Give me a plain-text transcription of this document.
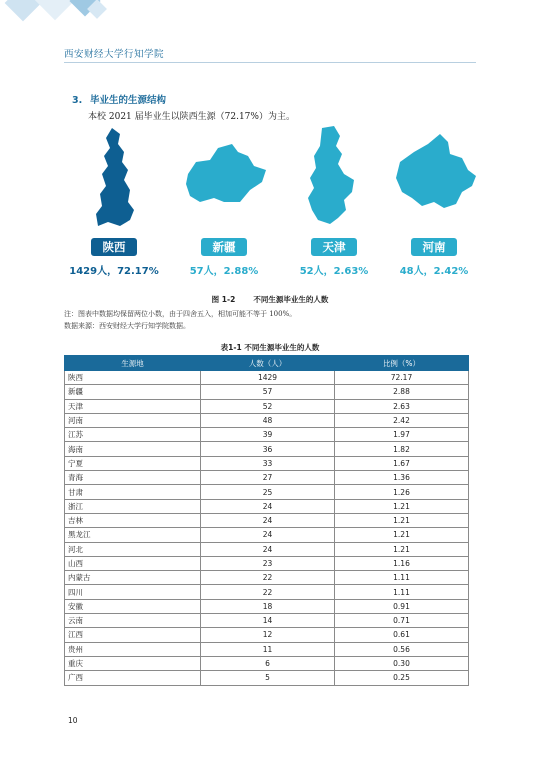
西安财经大学行知学院
3. 毕业生的生源结构
本校 2021 届毕业生以陕西生源（72.17%）为主。
陕西
1429人，72.17%
新疆
57人，2.88%
天津
52人，2.63%
河南
48人，2.42%
图 1-2 不同生源毕业生的人数
注：图表中数据均保留两位小数，由于四舍五入，相加可能不等于 100%。
数据来源：西安财经大学行知学院数据。
表1-1 不同生源毕业生的人数
生源地	人数（人）	比例（%）
陕西	1429	72.17
新疆	57	2.88
天津	52	2.63
河南	48	2.42
江苏	39	1.97
海南	36	1.82
宁夏	33	1.67
青海	27	1.36
甘肃	25	1.26
浙江	24	1.21
吉林	24	1.21
黑龙江	24	1.21
河北	24	1.21
山西	23	1.16
内蒙古	22	1.11
四川	22	1.11
安徽	18	0.91
云南	14	0.71
江西	12	0.61
贵州	11	0.56
重庆	6	0.30
广西	5	0.25
10
